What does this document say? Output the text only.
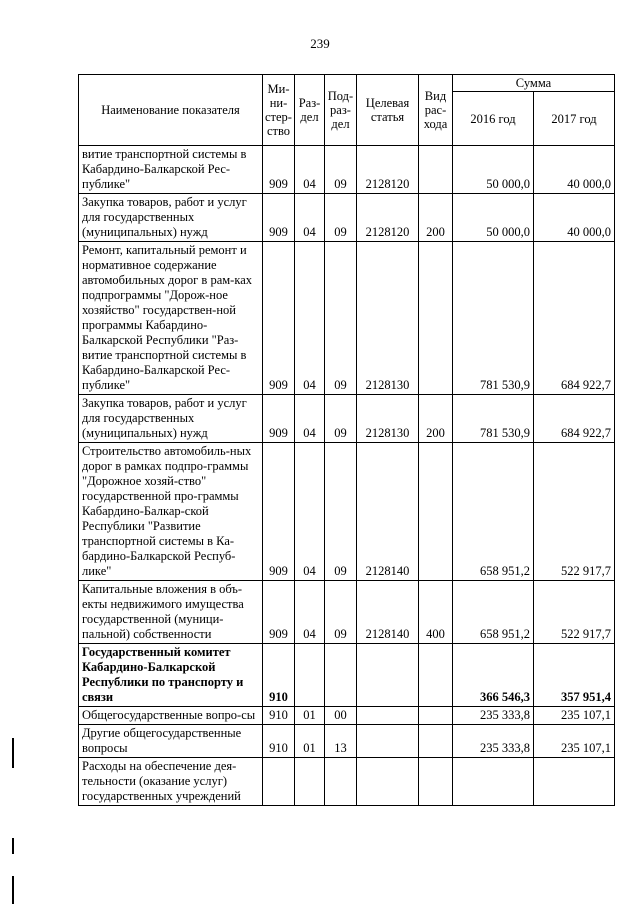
239
Наименование показателя	Ми-ни-стер-ство	Раз-дел	Под-раз-дел	Целевая статья	Вид рас-хода	Сумма	
						2016 год	2017 год
витие транспортной системы в Кабардино-Балкарской Рес-публике"	909	04	09	2128120		50 000,0	40 000,0
Закупка товаров, работ и услуг для государственных (муниципальных) нужд	909	04	09	2128120	200	50 000,0	40 000,0
Ремонт, капитальный ремонт и нормативное содержание автомобильных дорог в рам-ках подпрограммы "Дорож-ное хозяйство" государствен-ной программы Кабардино-Балкарской Республики "Раз-витие транспортной системы в Кабардино-Балкарской Рес-публике"	909	04	09	2128130		781 530,9	684 922,7
Закупка товаров, работ и услуг для государственных (муниципальных) нужд	909	04	09	2128130	200	781 530,9	684 922,7
Строительство автомобиль-ных дорог в рамках подпро-граммы "Дорожное хозяй-ство" государственной про-граммы Кабардино-Балкар-ской Республики "Развитие транспортной системы в Ка-бардино-Балкарской Респуб-лике"	909	04	09	2128140		658 951,2	522 917,7
Капитальные вложения в объ-екты недвижимого имущества государственной (муници-пальной) собственности	909	04	09	2128140	400	658 951,2	522 917,7
Государственный комитет Кабардино-Балкарской Республики по транспорту и связи	910					366 546,3	357 951,4
Общегосударственные вопро-сы	910	01	00			235 333,8	235 107,1
Другие общегосударственные вопросы	910	01	13			235 333,8	235 107,1
Расходы на обеспечение дея-тельности (оказание услуг) государственных учреждений							
